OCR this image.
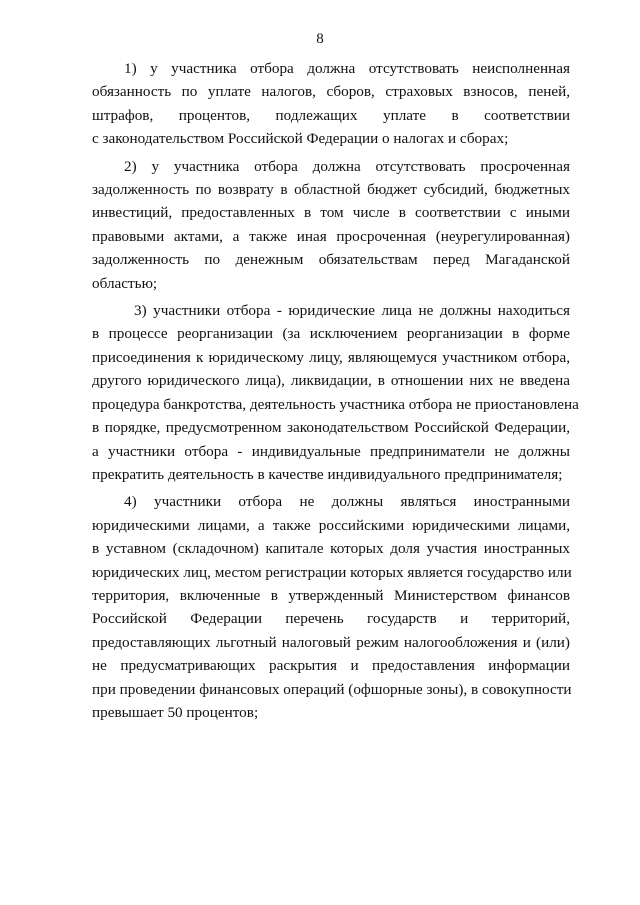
8

1) у участника отбора должна отсутствовать неисполненная
обязанность по уплате налогов, сборов, страховых взносов, пеней,
штрафов, процентов, подлежащих уплате в соответствии
с законодательством Российской Федерации о налогах и сборах;

2) у участника отбора должна отсутствовать просроченная
задолженность по возврату в областной бюджет субсидий, бюджетных
инвестиций, предоставленных в том числе в соответствии с иными
правовыми актами, а также иная просроченная (неурегулированная)
задолженность по денежным обязательствам перед Магаданской
областью;

3) участники отбора - юридические лица не должны находиться
в процессе реорганизации (за исключением реорганизации в форме
присоединения к юридическому лицу, являющемуся участником отбора,
другого юридического лица), ликвидации, в отношении них не введена
процедура банкротства, деятельность участника отбора не приостановлена
в порядке, предусмотренном законодательством Российской Федерации,
а участники отбора - индивидуальные предприниматели не должны
прекратить деятельность в качестве индивидуального предпринимателя;

4) участники отбора не должны являться иностранными
юридическими лицами, а также российскими юридическими лицами,
в уставном (складочном) капитале которых доля участия иностранных
юридических лиц, местом регистрации которых является государство или
территория, включенные в утвержденный Министерством финансов
Российской Федерации перечень государств и территорий,
предоставляющих льготный налоговый режим налогообложения и (или)
не предусматривающих раскрытия и предоставления информации
при проведении финансовых операций (офшорные зоны), в совокупности
превышает 50 процентов;
